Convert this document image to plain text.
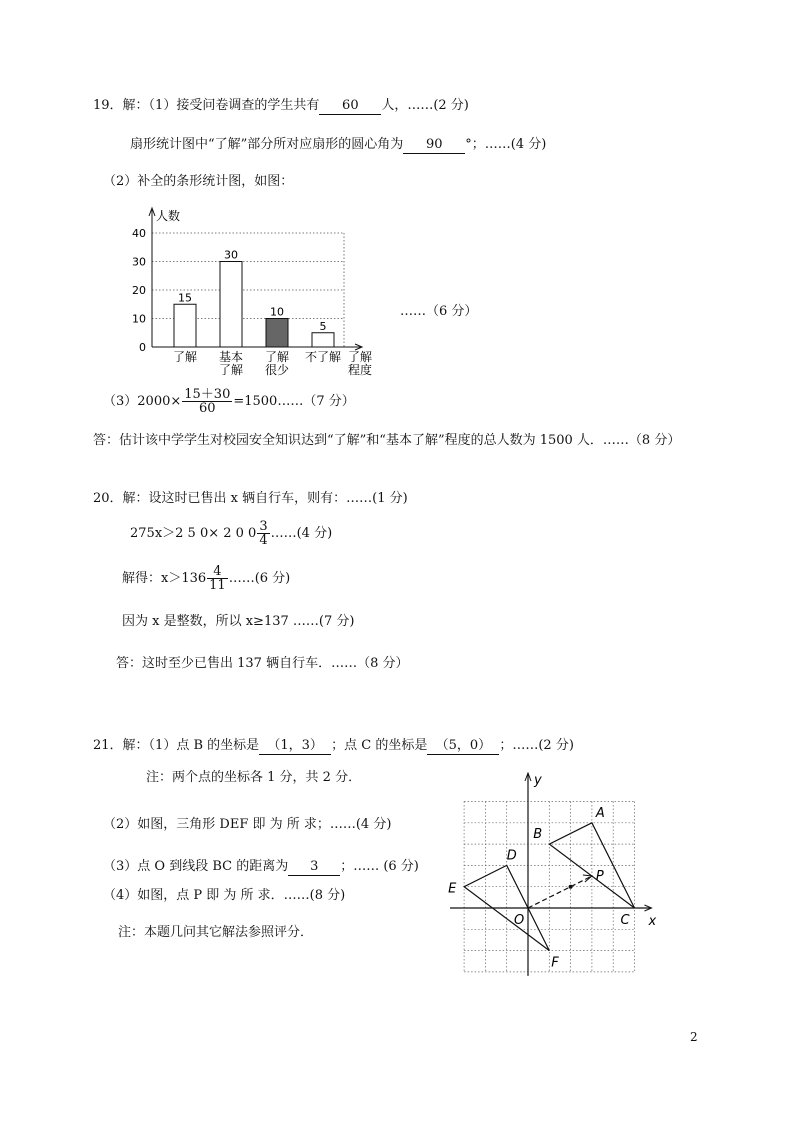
19．解：（1）接受问卷调查的学生共有 60 人，……(2 分)
扇形统计图中“了解”部分所对应扇形的圆心角为 90 °；……(4 分)
（2）补全的条形统计图，如图：
0
10
20
30
40
人数
了解
程度
15
了解
30
基本
了解
10
了解
很少
5
不了解
……（6 分）
$(3)2000\times \frac{15+30}{60}$ =1500……（7 分）
答：估计该中学学生对校园安全知识达到“了解”和“基本了解”程度的总人数为 1500 人．……（8 分）
20．解：设这时已售出 x 辆自行车，则有：……(1 分)
275x＞2 5 0× 2 0 $0 \frac{3}{4}$ ……(4 分)
解得：$x>136 \frac{4}{11}$ ……(6 分)
因为 x 是整数，所以 x≥137 ……(7 分)
答：这时至少已售出 137 辆自行车．……（8 分）
21．解：（1）点 B 的坐标是 （1，3） ；点 C 的坐标是 （5，0） ；……(2 分)
注：两个点的坐标各 1 分，共 2 分．
（2）如图，三角形 DEF 即 为 所 求；……(4 分)
（3）点 O 到线段 BC 的距离为 3 ；…… (6 分)
（4）如图，点 P 即 为 所 求．……(8 分)
注：本题几问其它解法参照评分．
y
x
A
B
C
D
E
F
O
P
2
